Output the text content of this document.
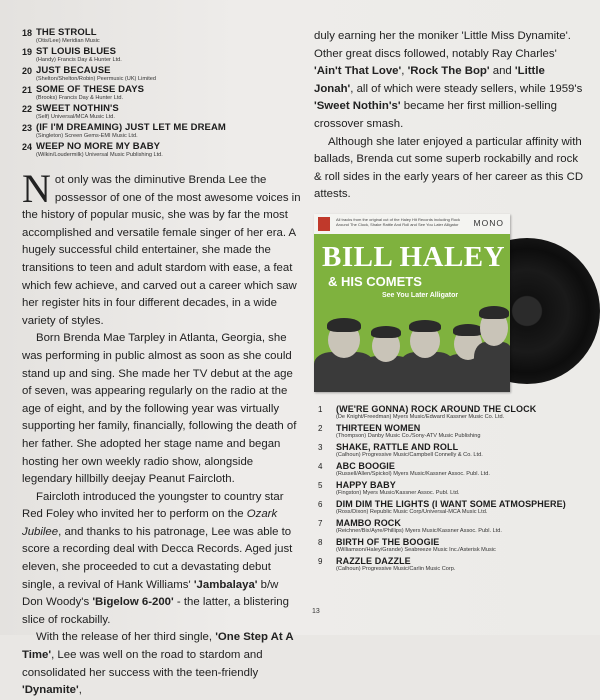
18 THE STROLL
(Otis/Lee) Meridian Music
19 ST LOUIS BLUES
(Handy) Francis Day & Hunter Ltd.
20 JUST BECAUSE
(Shelton/Shelton/Robin) Peermusic (UK) Limited
21 SOME OF THESE DAYS
(Brooks) Francis Day & Hunter Ltd.
22 SWEET NOTHIN'S
(Self) Universal/MCA Music Ltd.
23 (IF I'M DREAMING) JUST LET ME DREAM
(Singleton) Screen Gems-EMI Music Ltd.
24 WEEP NO MORE MY BABY
(Wilkin/Loudermilk) Universal Music Publishing Ltd.

Not only was the diminutive Brenda Lee the possessor of one of the most awesome voices in the history of popular music, she was by far the most accomplished and versatile female singer of her era. A hugely successful child entertainer, she made the transitions to teen and adult stardom with ease, a feat which few achieve, and carved out a career which saw her register hits in four different decades, in a wide variety of styles.

Born Brenda Mae Tarpley in Atlanta, Georgia, she was performing in public almost as soon as she could stand up and sing. She made her TV debut at the age of seven, was appearing regularly on the radio at the age of eight, and by the following year was virtually supporting her family, financially, following the death of her father. She adopted her stage name and began hosting her own weekly radio show, alongside legendary hillbilly deejay Peanut Faircloth.

Faircloth introduced the youngster to country star Red Foley who invited her to perform on the Ozark Jubilee, and thanks to his patronage, Lee was able to score a recording deal with Decca Records. Aged just eleven, she proceeded to cut a devastating debut single, a revival of Hank Williams' 'Jambalaya' b/w Don Woody's 'Bigelow 6-200' - the latter, a blistering slice of rockabilly.

With the release of her third single, 'One Step At A Time', Lee was well on the road to stardom and consolidated her success with the teen-friendly 'Dynamite',

duly earning her the moniker 'Little Miss Dynamite'. Other great discs followed, notably Ray Charles' 'Ain't That Love', 'Rock The Bop' and 'Little Jonah', all of which were steady sellers, while 1959's 'Sweet Nothin's' became her first million-selling crossover smash.

Although she later enjoyed a particular affinity with ballads, Brenda cut some superb rockabilly and rock & roll sides in the early years of her career as this CD attests.

All tracks from the original cut of the Haley Hit Records including Rock Around The Clock, Shake Rattle And Roll and See You Later Alligator	MONO
BILL HALEY
& HIS COMETS
See You Later Alligator
1	(WE'RE GONNA) ROCK AROUND THE CLOCK
(De Knight/Freedman) Myers Music/Edward Kassner Music Co. Ltd.
2	THIRTEEN WOMEN
(Thompson) Danby Music Co./Sony-ATV Music Publishing
3	SHAKE, RATTLE AND ROLL
(Calhoun) Progressive Music/Campbell Connelly & Co. Ltd.
4	ABC BOOGIE
(Russell/Allen/Spickol) Myers Music/Kassner Assoc. Publ. Ltd.
5	HAPPY BABY
(Fingston) Myers Music/Kassner Assoc. Publ. Ltd.
6	DIM DIM THE LIGHTS (I WANT SOME ATMOSPHERE)
(Ross/Dixon) Republic Music Corp/Universal-MCA Music Ltd.
7	MAMBO ROCK
(Reichner/Bix/Ayre/Phillips) Myers Music/Kassner Assoc. Publ. Ltd.
8	BIRTH OF THE BOOGIE
(Williamson/Haley/Grande) Seabreeze Music Inc./Asterisk Music
9	RAZZLE DAZZLE
(Calhoun) Progressive Music/Carlin Music Corp.
13
